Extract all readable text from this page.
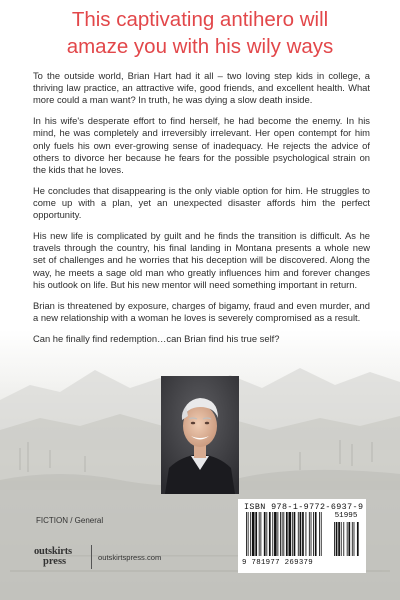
This captivating antihero will
amaze you with his wily ways

To the outside world, Brian Hart had it all – two loving step kids in college, a thriving law practice, an attractive wife, good friends, and excellent health. What more could a man want? In truth, he was dying a slow death inside.

In his wife's desperate effort to find herself, he had become the enemy. In his mind, he was completely and irreversibly irrelevant. Her open contempt for him only fuels his own ever-growing sense of inadequacy. He rejects the advice of others to divorce her because he fears for the possible psychological strain on the kids that he loves.

He concludes that disappearing is the only viable option for him. He struggles to come up with a plan, yet an unexpected disaster affords him the perfect opportunity.

His new life is complicated by guilt and he finds the transition is difficult. As he travels through the country, his final landing in Montana presents a whole new set of challenges and he worries that his deception will be discovered. Along the way, he meets a sage old man who greatly influences him and forever changes his outlook on life. But his new mentor will need something important in return.

Brian is threatened by exposure, charges of bigamy, fraud and even murder, and a new relationship with a woman he loves is severely compromised as a result.

Can he finally find redemption…can Brian find his true self?

FICTION / General
outskirts
press	outskirtspress.com
ISBN 978-1-9772-6937-9
51995
9 781977 269379
